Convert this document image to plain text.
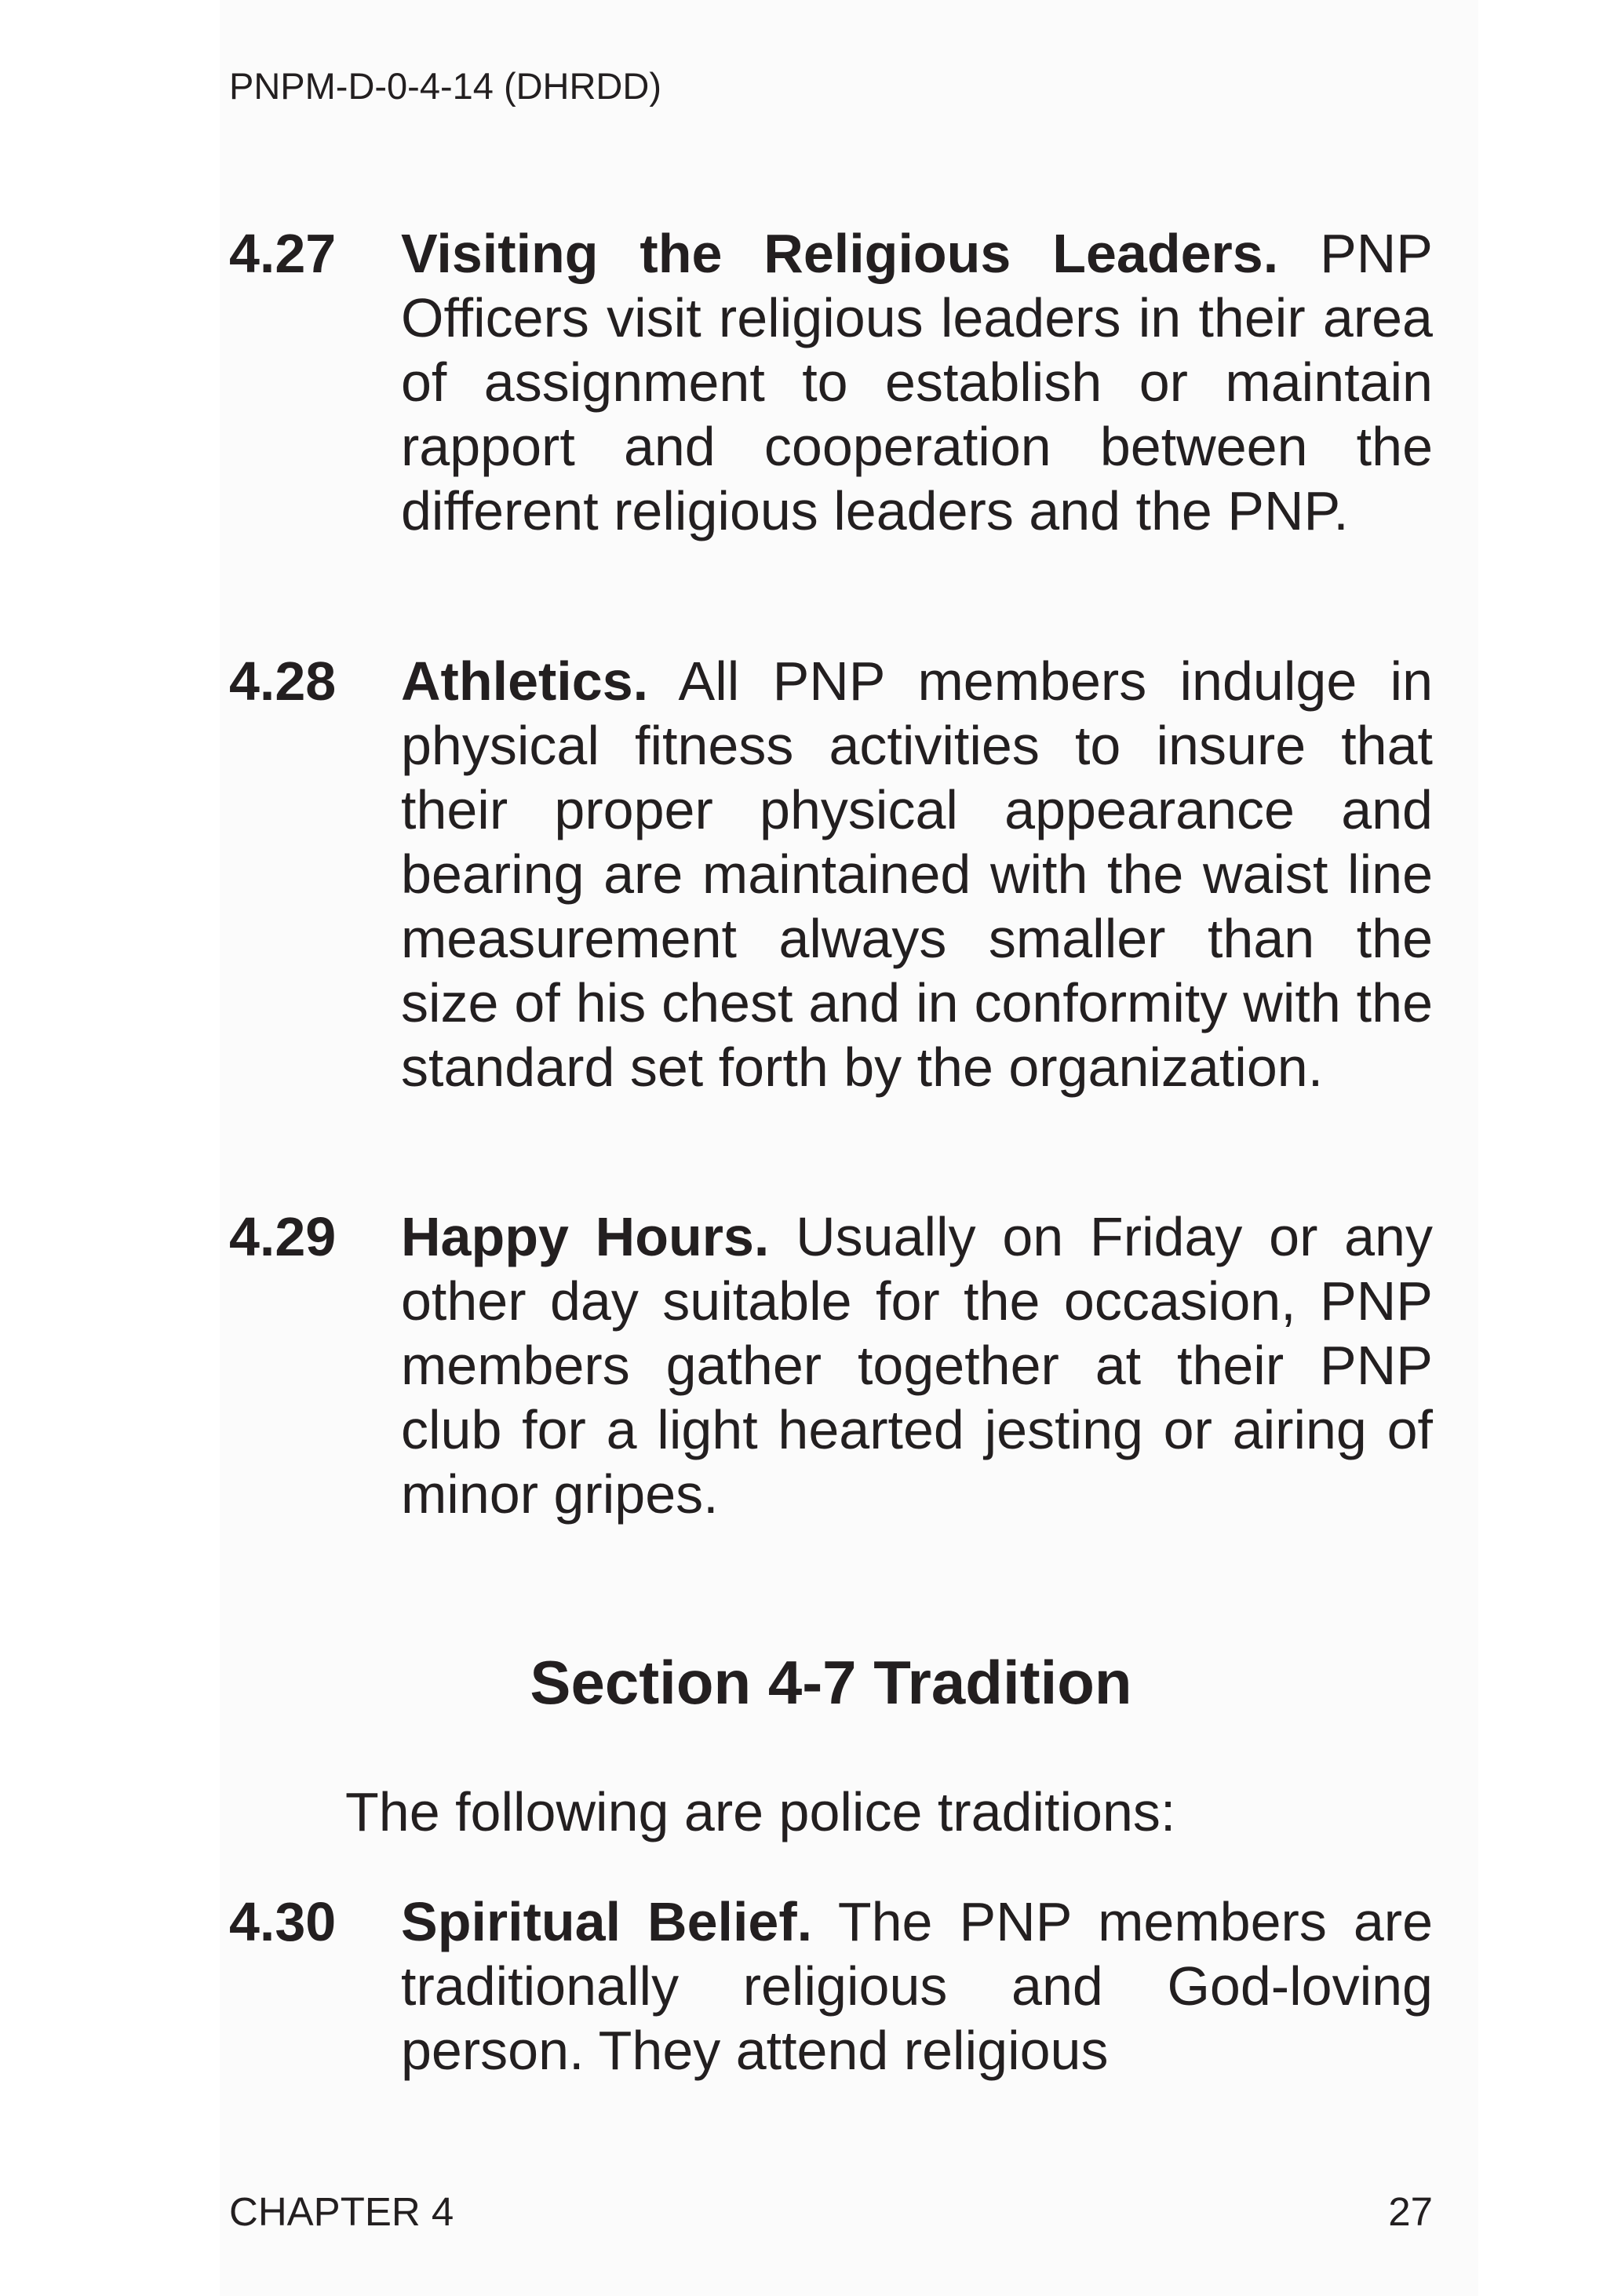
PNPM-D-0-4-14 (DHRDD)
4.27 Visiting the Religious Leaders. PNP Officers visit religious leaders in their area of assignment to establish or maintain rapport and cooperation between the different religious leaders and the PNP.
4.28 Athletics. All PNP members indulge in physical fitness activities to insure that their proper physical appearance and bearing are maintained with the waist line measurement always smaller than the size of his chest and in conformity with the standard set forth by the organization.
4.29 Happy Hours. Usually on Friday or any other day suitable for the occasion, PNP members gather together at their PNP club for a light hearted jesting or airing of minor gripes.
Section 4-7 Tradition
The following are police traditions:
4.30 Spiritual Belief. The PNP members are traditionally religious and God-loving person. They attend religious
CHAPTER 4	27
